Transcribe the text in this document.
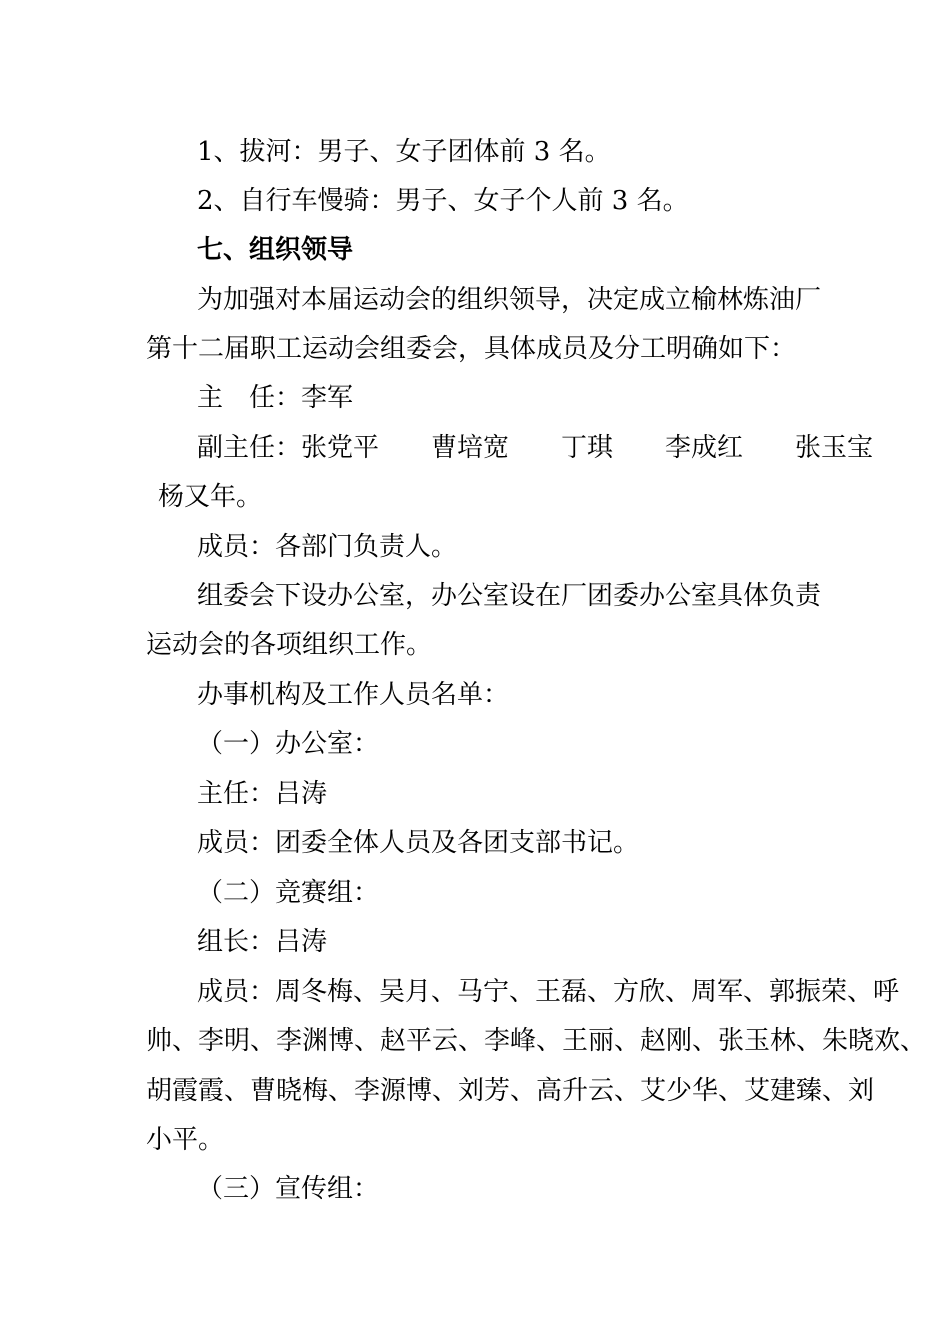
1、拔河：男子、女子团体前 3 名。
2、自行车慢骑：男子、女子个人前 3 名。
七、组织领导
为加强对本届运动会的组织领导，决定成立榆林炼油厂
第十二届职工运动会组委会，具体成员及分工明确如下：
主　任：李军
副主任：张党平　　曹培宽　　丁琪　　李成红　　张玉宝
杨又年。
成员：各部门负责人。
组委会下设办公室，办公室设在厂团委办公室具体负责
运动会的各项组织工作。
办事机构及工作人员名单：
（一）办公室：
主任：吕涛
成员：团委全体人员及各团支部书记。
（二）竞赛组：
组长：吕涛
成员：周冬梅、吴月、马宁、王磊、方欣、周军、郭振荣、呼
帅、李明、李渊博、赵平云、李峰、王丽、赵刚、张玉林、朱晓欢、
胡霞霞、曹晓梅、李源博、刘芳、高升云、艾少华、艾建臻、刘
小平。
（三）宣传组：
